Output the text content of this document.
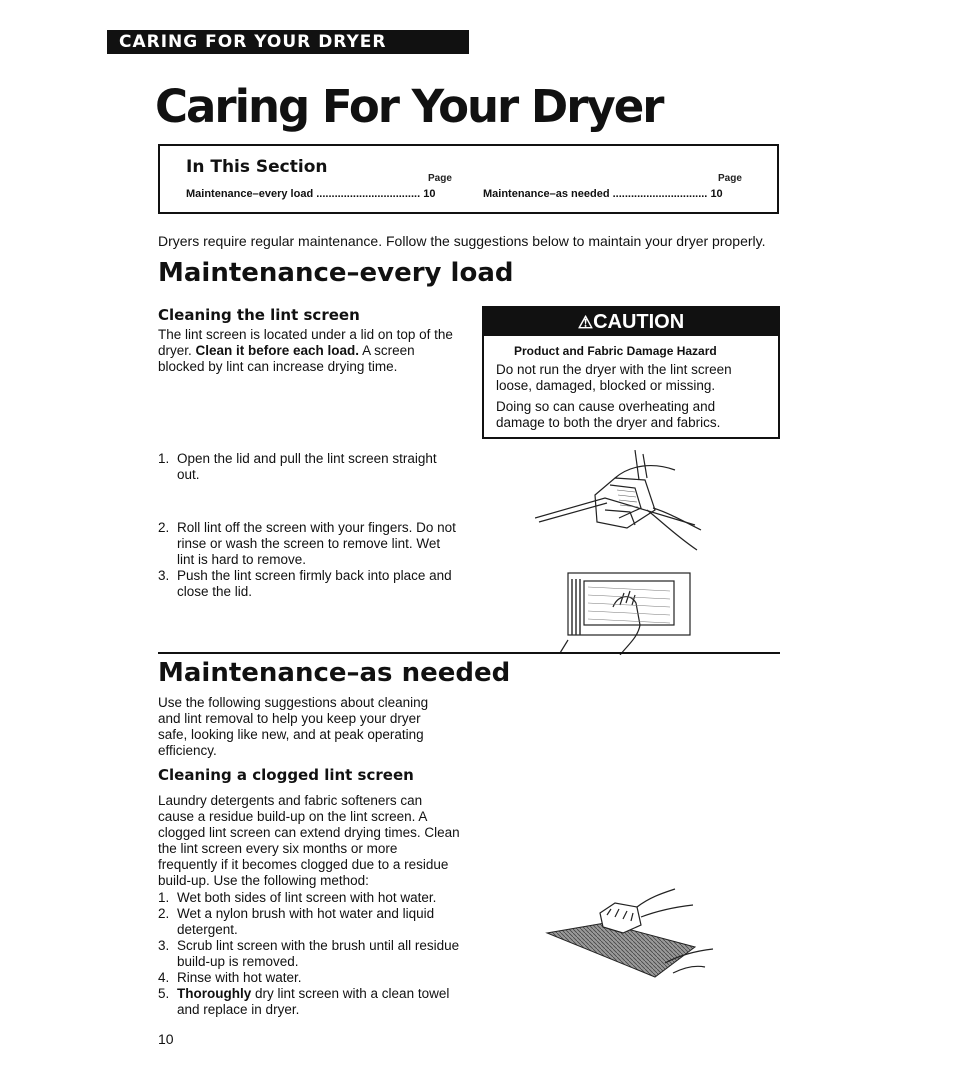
CARING FOR YOUR DRYER
Caring For Your Dryer
In This Section
Page	Page
Maintenance–every load .................................. 10	Maintenance–as needed ............................... 10
Dryers require regular maintenance. Follow the suggestions below to maintain your dryer properly.
Maintenance–every load
Cleaning the lint screen
The lint screen is located under a lid on top of the dryer. Clean it before each load. A screen blocked by lint can increase drying time.
⚠CAUTION
Product and Fabric Damage Hazard
Do not run the dryer with the lint screen loose, damaged, blocked or missing.
Doing so can cause overheating and damage to both the dryer and fabrics.
1. Open the lid and pull the lint screen straight out.
2. Roll lint off the screen with your fingers. Do not rinse or wash the screen to remove lint. Wet lint is hard to remove.
3. Push the lint screen firmly back into place and close the lid.
Maintenance–as needed
Use the following suggestions about cleaning and lint removal to help you keep your dryer safe, looking like new, and at peak operating efficiency.
Cleaning a clogged lint screen
Laundry detergents and fabric softeners can cause a residue build-up on the lint screen. A clogged lint screen can extend drying times. Clean the lint screen every six months or more frequently if it becomes clogged due to a residue build-up. Use the following method:
1. Wet both sides of lint screen with hot water.
2. Wet a nylon brush with hot water and liquid detergent.
3. Scrub lint screen with the brush until all residue build-up is removed.
4. Rinse with hot water.
5. Thoroughly dry lint screen with a clean towel and replace in dryer.
10
